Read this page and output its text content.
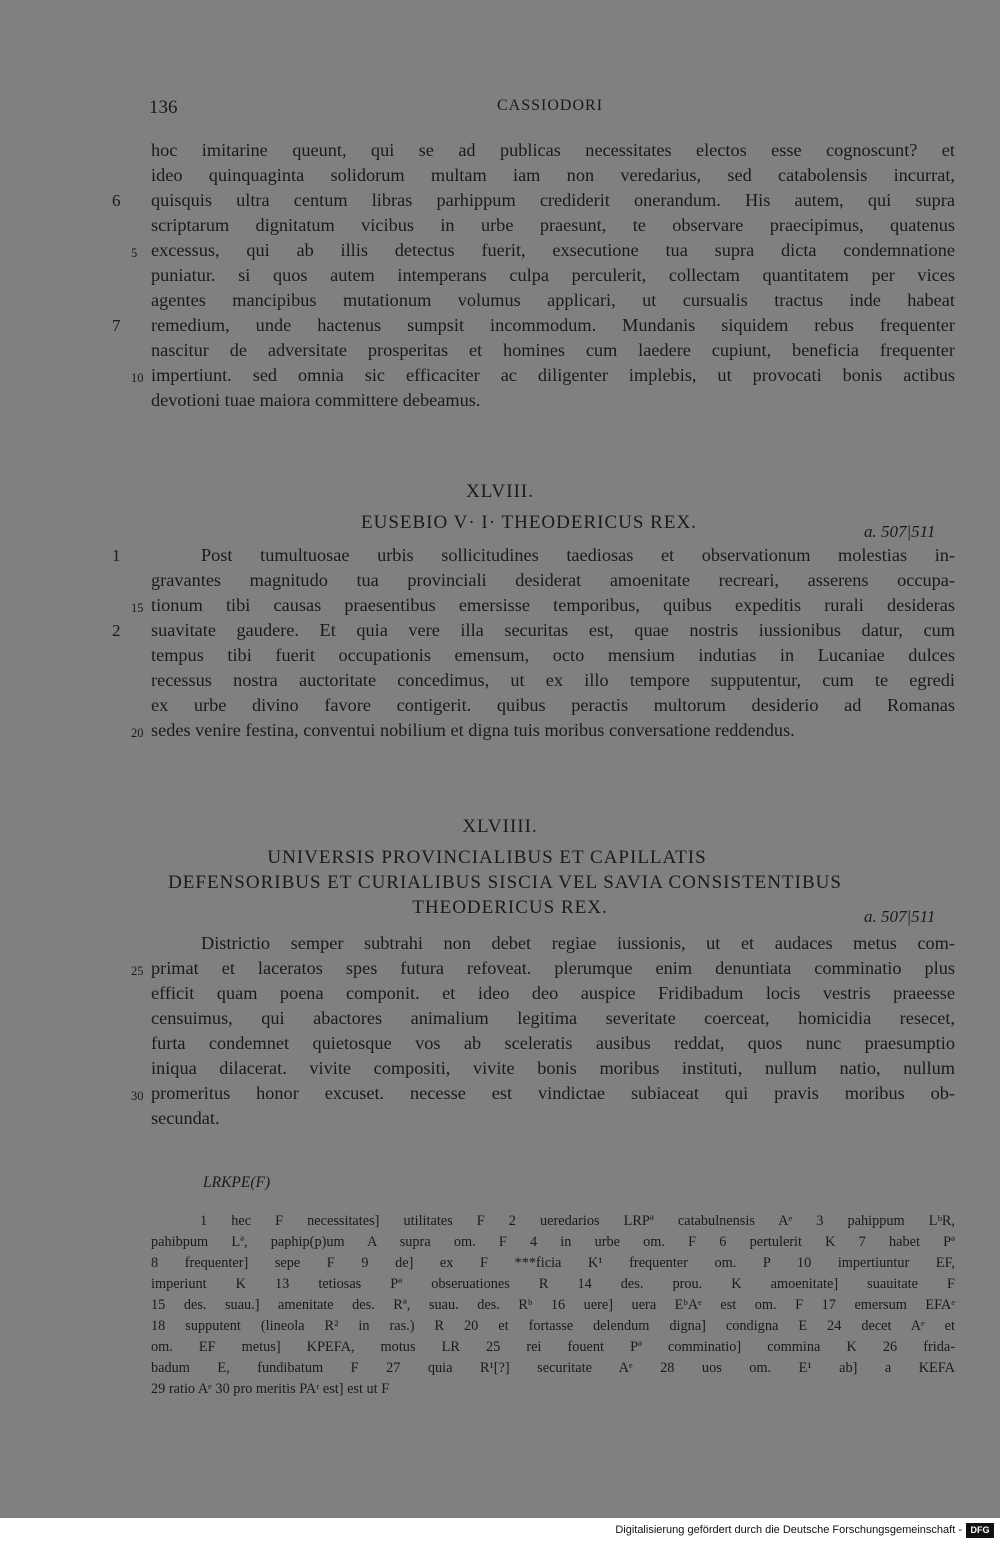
136	CASSIODORI
hoc imitarine queunt, qui se ad publicas necessitates electos esse cognoscunt? et
ideo quinquaginta solidorum multam iam non veredarius, sed catabolensis incurrat,
quisquis ultra centum libras parhippum crediderit onerandum. His autem, qui supra
scriptarum dignitatum vicibus in urbe praesunt, te observare praecipimus, quatenus
excessus, qui ab illis detectus fuerit, exsecutione tua supra dicta condemnatione
puniatur. si quos autem intemperans culpa perculerit, collectam quantitatem per vices
agentes mancipibus mutationum volumus applicari, ut cursualis tractus inde habeat
remedium, unde hactenus sumpsit incommodum. Mundanis siquidem rebus frequenter
nascitur de adversitate prosperitas et homines cum laedere cupiunt, beneficia frequenter
impertiunt. sed omnia sic efficaciter ac diligenter implebis, ut provocati bonis actibus
devotioni tuae maiora committere debeamus.
6
5
7
10
XLVIII.
EUSEBIO V· I· THEODERICUS REX.	a. 507|511
Post tumultuosae urbis sollicitudines taediosas et observationum molestias in-
gravantes magnitudo tua provinciali desiderat amoenitate recreari, asserens occupa-
tionum tibi causas praesentibus emersisse temporibus, quibus expeditis rurali desideras
suavitate gaudere. Et quia vere illa securitas est, quae nostris iussionibus datur, cum
tempus tibi fuerit occupationis emensum, octo mensium indutias in Lucaniae dulces
recessus nostra auctoritate concedimus, ut ex illo tempore supputentur, cum te egredi
ex urbe divino favore contigerit. quibus peractis multorum desiderio ad Romanas
sedes venire festina, conventui nobilium et digna tuis moribus conversatione reddendus.
1
15
2
20
XLVIIII.
UNIVERSIS PROVINCIALIBUS ET CAPILLATIS
DEFENSORIBUS ET CURIALIBUS SISCIA VEL SAVIA CONSISTENTIBUS
THEODERICUS REX.	a. 507|511
Districtio semper subtrahi non debet regiae iussionis, ut et audaces metus com-
primat et laceratos spes futura refoveat. plerumque enim denuntiata comminatio plus
efficit quam poena componit. et ideo deo auspice Fridibadum locis vestris praeesse
censuimus, qui abactores animalium legitima severitate coerceat, homicidia resecet,
furta condemnet quietosque vos ab sceleratis ausibus reddat, quos nunc praesumptio
iniqua dilacerat. vivite compositi, vivite bonis moribus instituti, nullum natio, nullum
promeritus honor excuset. necesse est vindictae subiaceat qui pravis moribus ob-
secundat.
25
30
LRKPE(F)
1 hec F necessitates] utilitates F 2 ueredarios LRPª catabulnensis Aᵉ 3 pahippum LᵇR,
pahibpum Lª, paphip(p)um A supra om. F 4 in urbe om. F 6 pertulerit K 7 habet Pª
8 frequenter] sepe F 9 de] ex F ***ficia K¹ frequenter om. P 10 impertiuntur EF,
imperiunt K 13 tetiosas Pª obseruationes R 14 des. prou. K amoenitate] suauitate F
15 des. suau.] amenitate des. Rª, suau. des. Rᵇ 16 uere] uera EᵇAᵉ est om. F 17 emersum EFAᵉ
18 supputent (lineola R² in ras.) R 20 et fortasse delendum digna] condigna E 24 decet Aᵉ et
om. EF metus] KPEFA, motus LR 25 rei fouent Pª comminatio] commina K 26 frida-
badum E, fundibatum F 27 quia R¹[?] securitate Aᵉ 28 uos om. E¹ ab] a KEFA
29 ratio Aᵉ 30 pro meritis PAʳ est] est ut F
Digitalisierung gefördert durch die Deutsche Forschungsgemeinschaft - DFG
